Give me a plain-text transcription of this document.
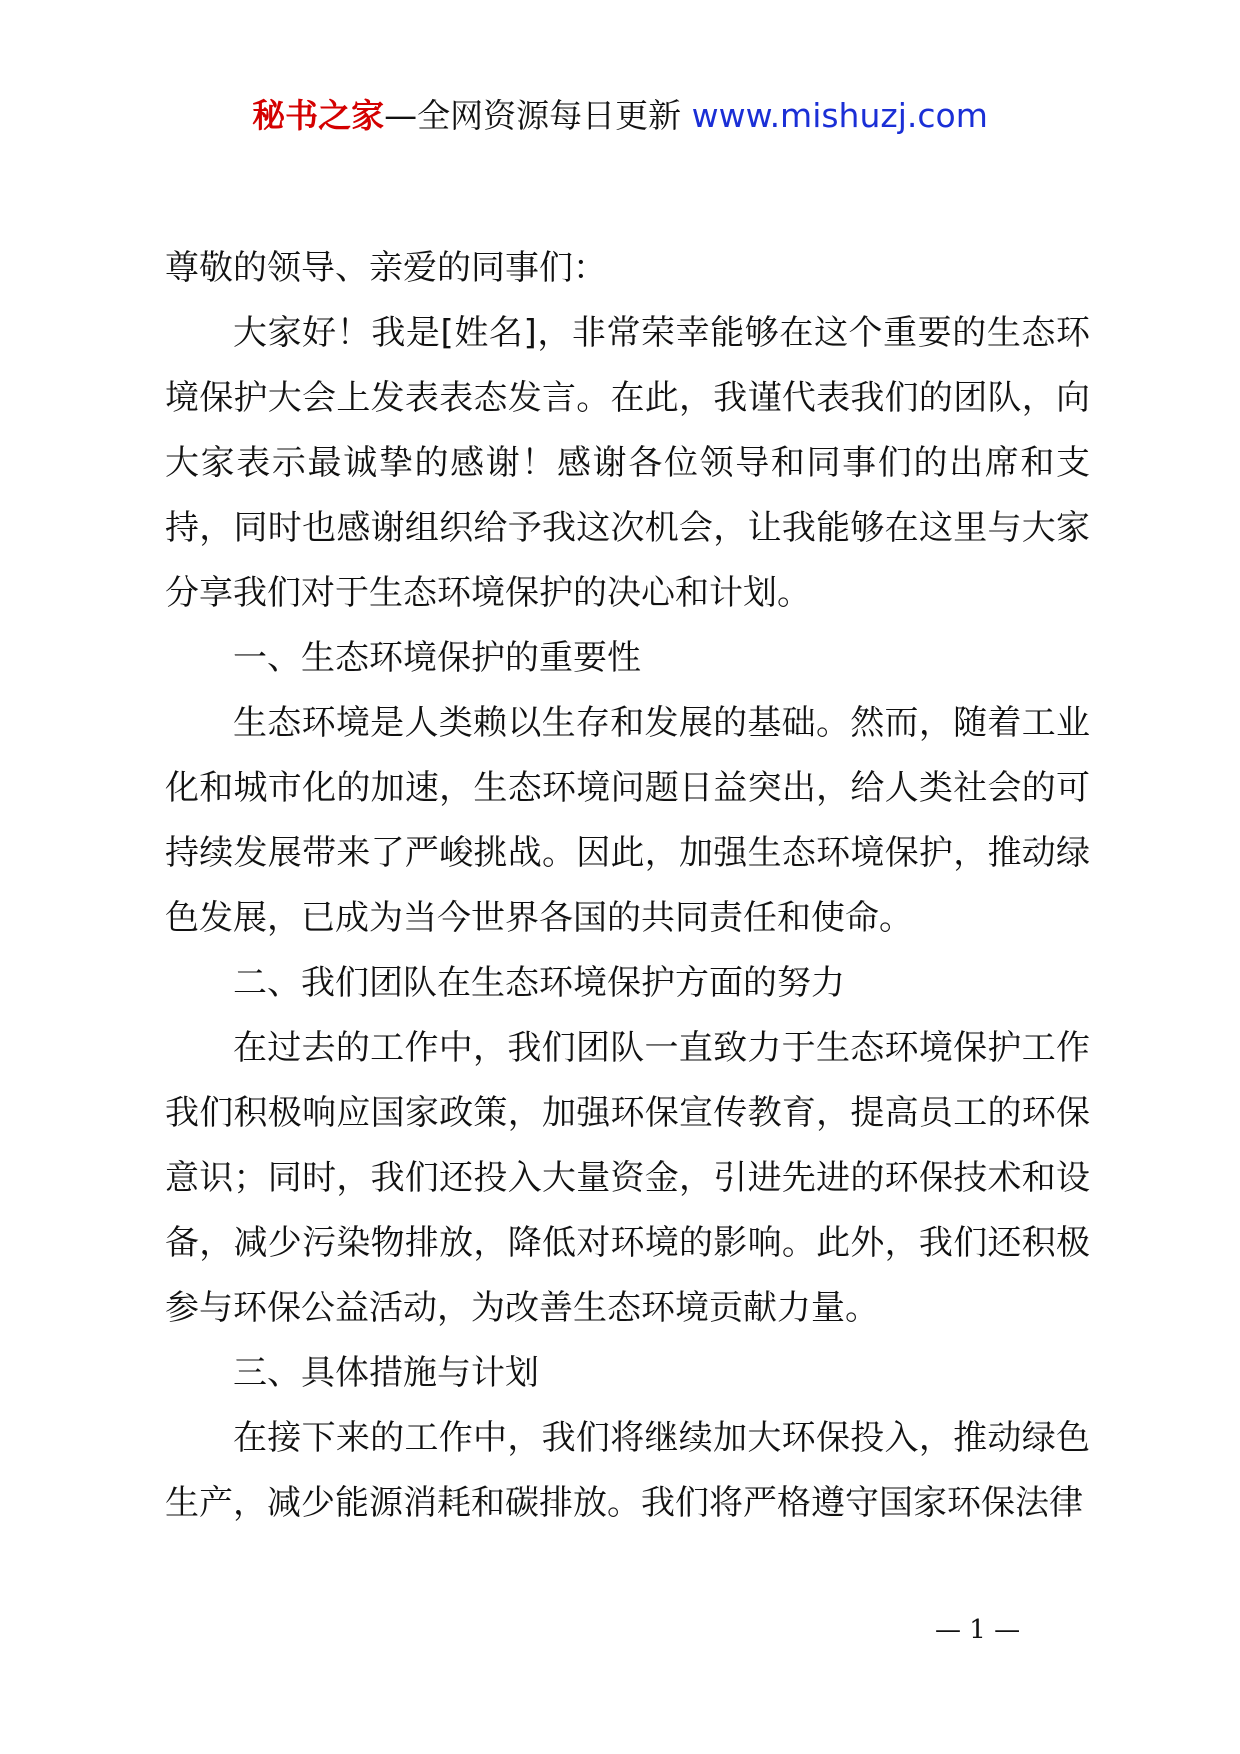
秘书之家—全网资源每日更新 www.mishuzj.com

尊敬的领导、亲爱的同事们：

大家好！我是[姓名]，非常荣幸能够在这个重要的生态环境保护大会上发表表态发言。在此，我谨代表我们的团队，向大家表示最诚挚的感谢！感谢各位领导和同事们的出席和支持，同时也感谢组织给予我这次机会，让我能够在这里与大家分享我们对于生态环境保护的决心和计划。

一、生态环境保护的重要性

生态环境是人类赖以生存和发展的基础。然而，随着工业化和城市化的加速，生态环境问题日益突出，给人类社会的可持续发展带来了严峻挑战。因此，加强生态环境保护，推动绿色发展，已成为当今世界各国的共同责任和使命。

二、我们团队在生态环境保护方面的努力

在过去的工作中，我们团队一直致力于生态环境保护工作我们积极响应国家政策，加强环保宣传教育，提高员工的环保意识；同时，我们还投入大量资金，引进先进的环保技术和设备，减少污染物排放，降低对环境的影响。此外，我们还积极参与环保公益活动，为改善生态环境贡献力量。

三、具体措施与计划

在接下来的工作中，我们将继续加大环保投入，推动绿色生产，减少能源消耗和碳排放。我们将严格遵守国家环保法律

— 1 —
